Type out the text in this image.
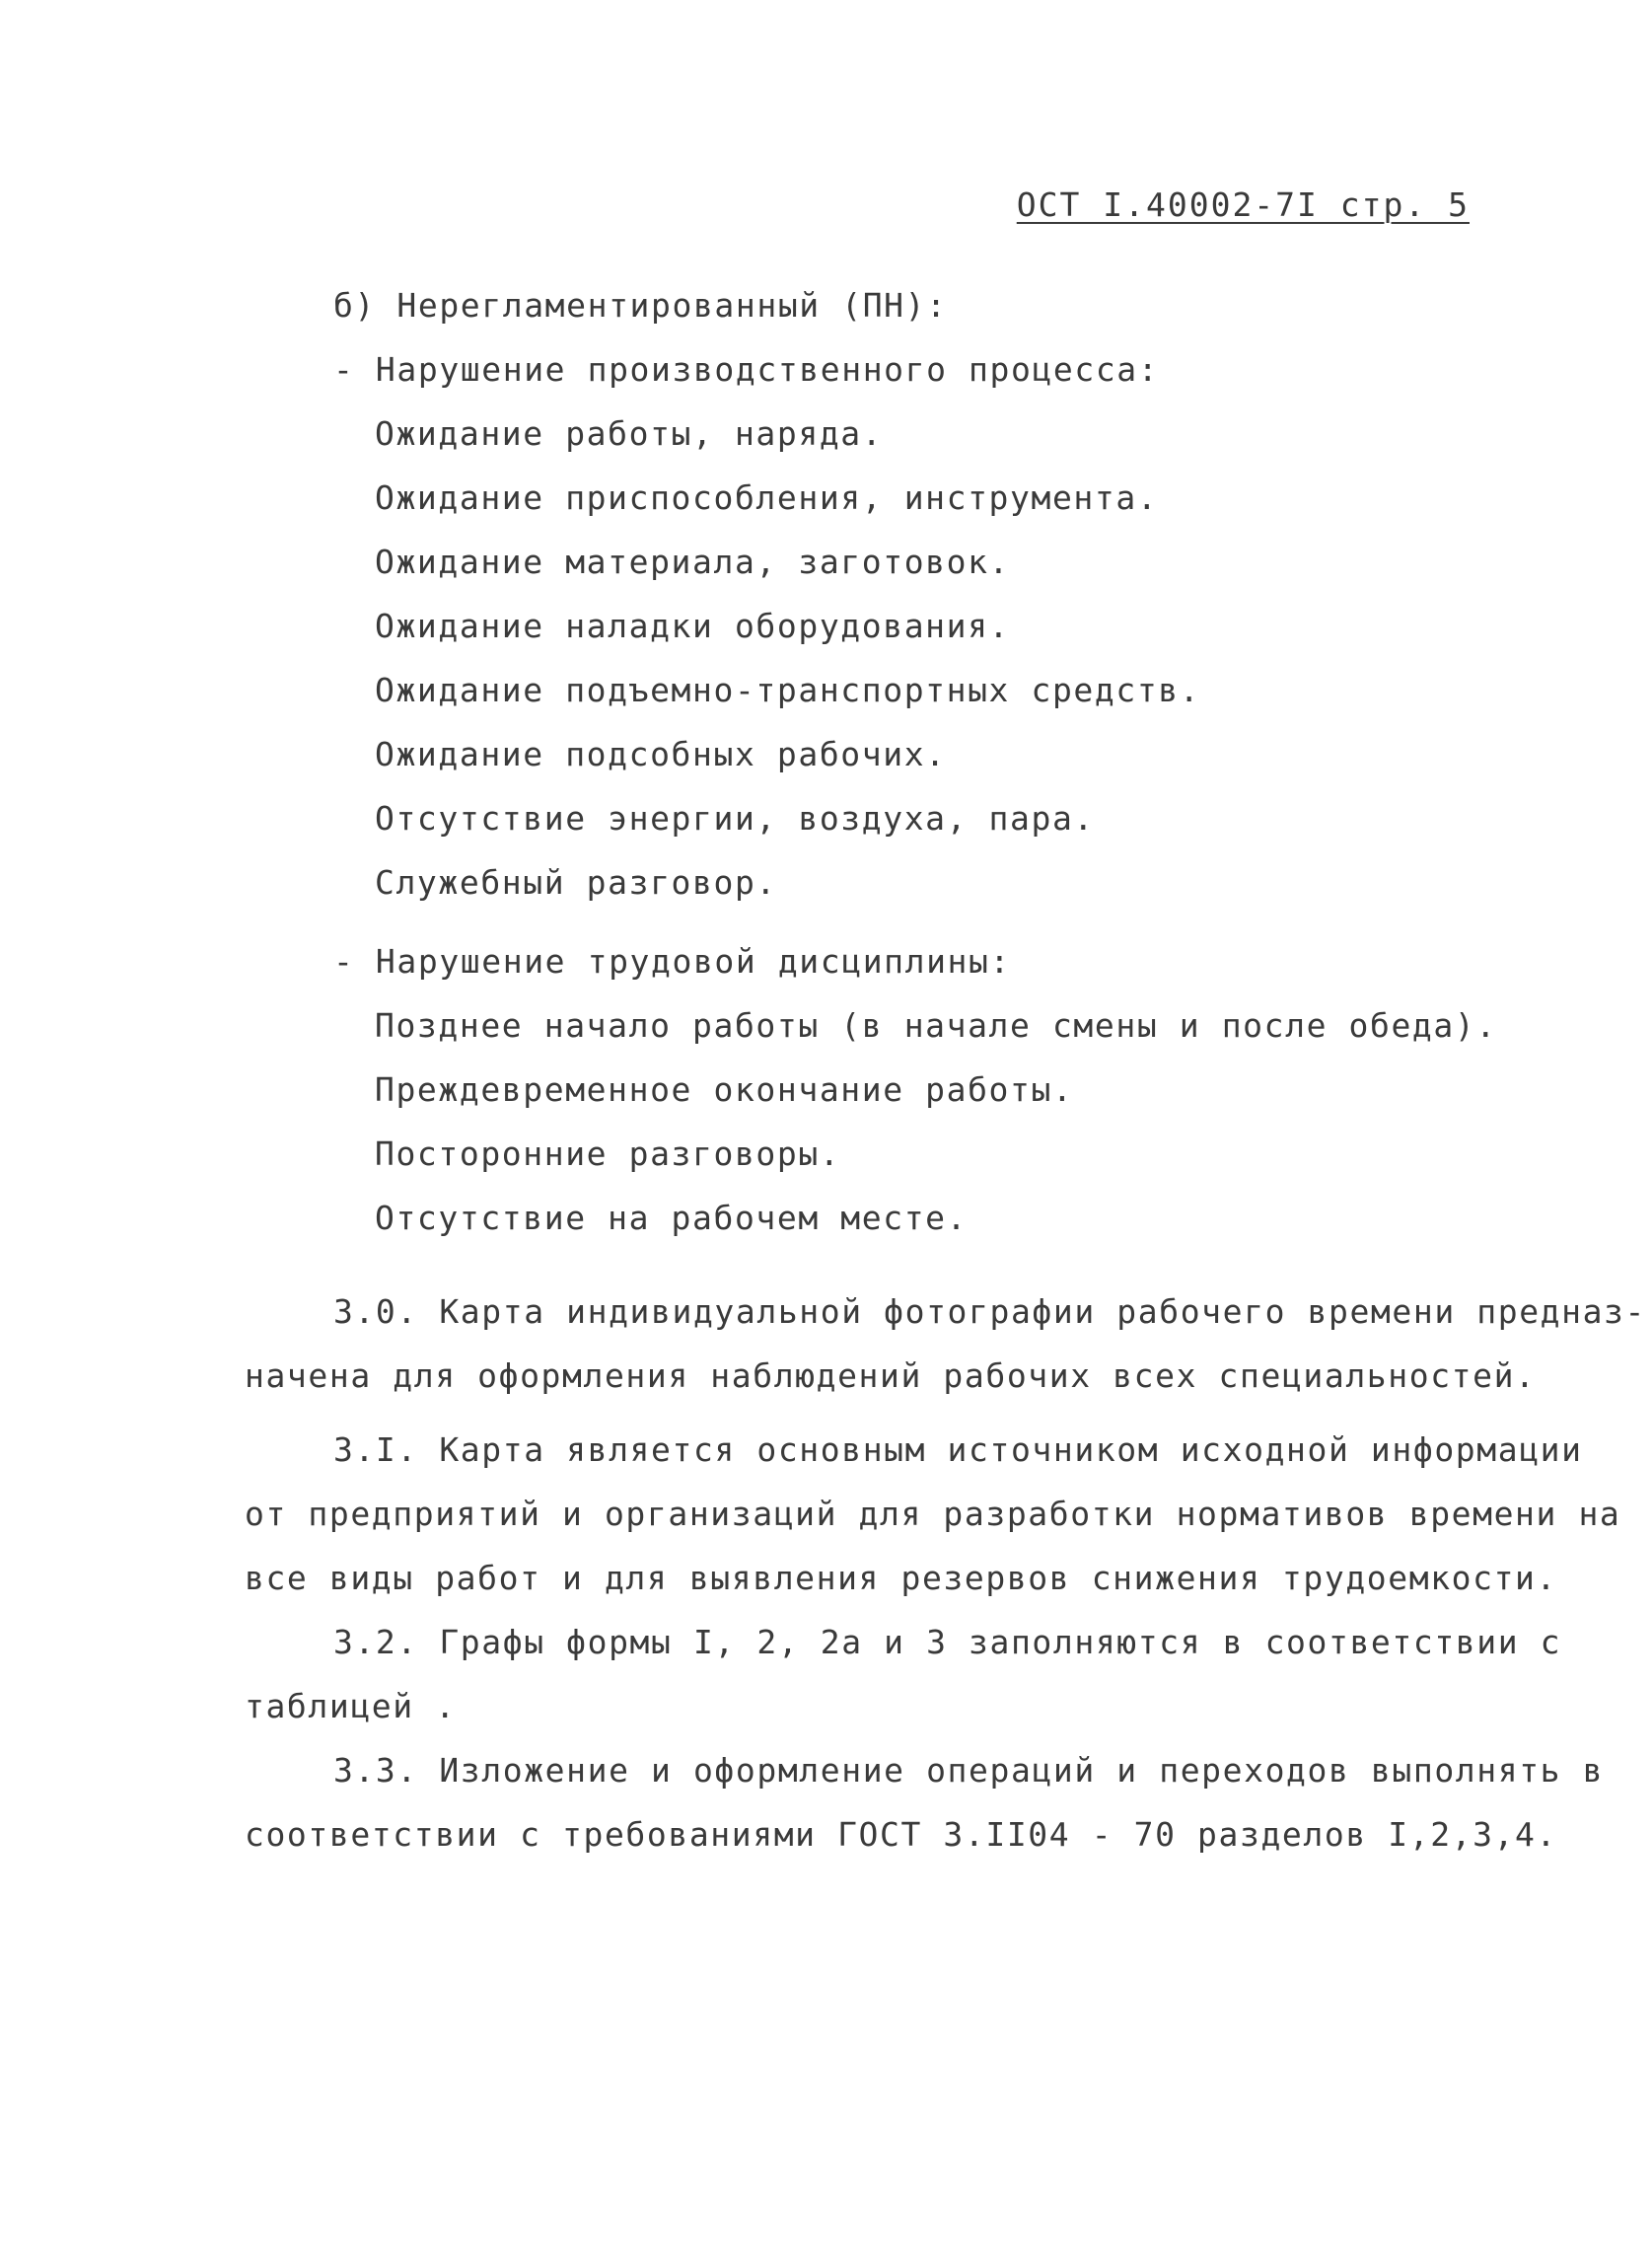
ОСТ I.40002-7I стр. 5
б) Нерегламентированный (ПН):
- Нарушение производственного процесса:
Ожидание работы, наряда.
Ожидание приспособления, инструмента.
Ожидание материала, заготовок.
Ожидание наладки оборудования.
Ожидание подъемно-транспортных средств.
Ожидание подсобных рабочих.
Отсутствие энергии, воздуха, пара.
Служебный разговор.
- Нарушение трудовой дисциплины:
Позднее начало работы (в начале смены и после обеда).
Преждевременное окончание работы.
Посторонние разговоры.
Отсутствие на рабочем месте.
3.0. Карта индивидуальной фотографии рабочего времени предназ-
начена для оформления наблюдений рабочих всех специальностей.
3.I. Карта является основным источником исходной информации
от предприятий и организаций для разработки нормативов времени на
все виды работ и для выявления резервов снижения трудоемкости.
3.2. Графы формы I, 2, 2а и 3 заполняются в соответствии с
таблицей .
3.3. Изложение и оформление операций и переходов выполнять в
соответствии с требованиями ГОСТ 3.II04 - 70 разделов I,2,3,4.
